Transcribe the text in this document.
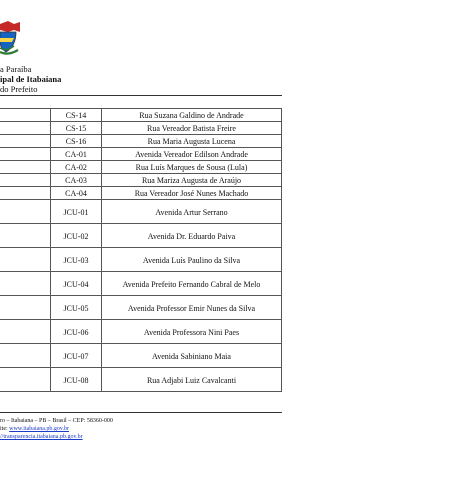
a Paraíba
ipal de Itabaiana
do Prefeito
	CS-14	Rua Suzana Galdino de Andrade
	CS-15	Rua Vereador Batista Freire
	CS-16	Rua Maria Augusta Lucena
	CA-01	Avenida Vereador Edilson Andrade
	CA-02	Rua Luís Marques de Sousa (Lula)
	CA-03	Rua Mariza Augusta de Araújo
	CA-04	Rua Vereador José Nunes Machado
	JCU-01	Avenida Artur Serrano
	JCU-02	Avenida Dr. Eduardo Paiva
	JCU-03	Avenida Luís Paulino da Silva
	JCU-04	Avenida Prefeito Fernando Cabral de Melo
	JCU-05	Avenida Professor Emir Nunes da Silva
	JCU-06	Avenida Professora Nini Paes
	JCU-07	Avenida Sabiniano Maia
	JCU-08	Rua Adjabi Luiz Cavalcanti
ro – Itabaiana – PB – Brasil – CEP: 58360-000
ite: www.itabaiana.pb.gov.br
//transparencia.itabaiana.pb.gov.br
